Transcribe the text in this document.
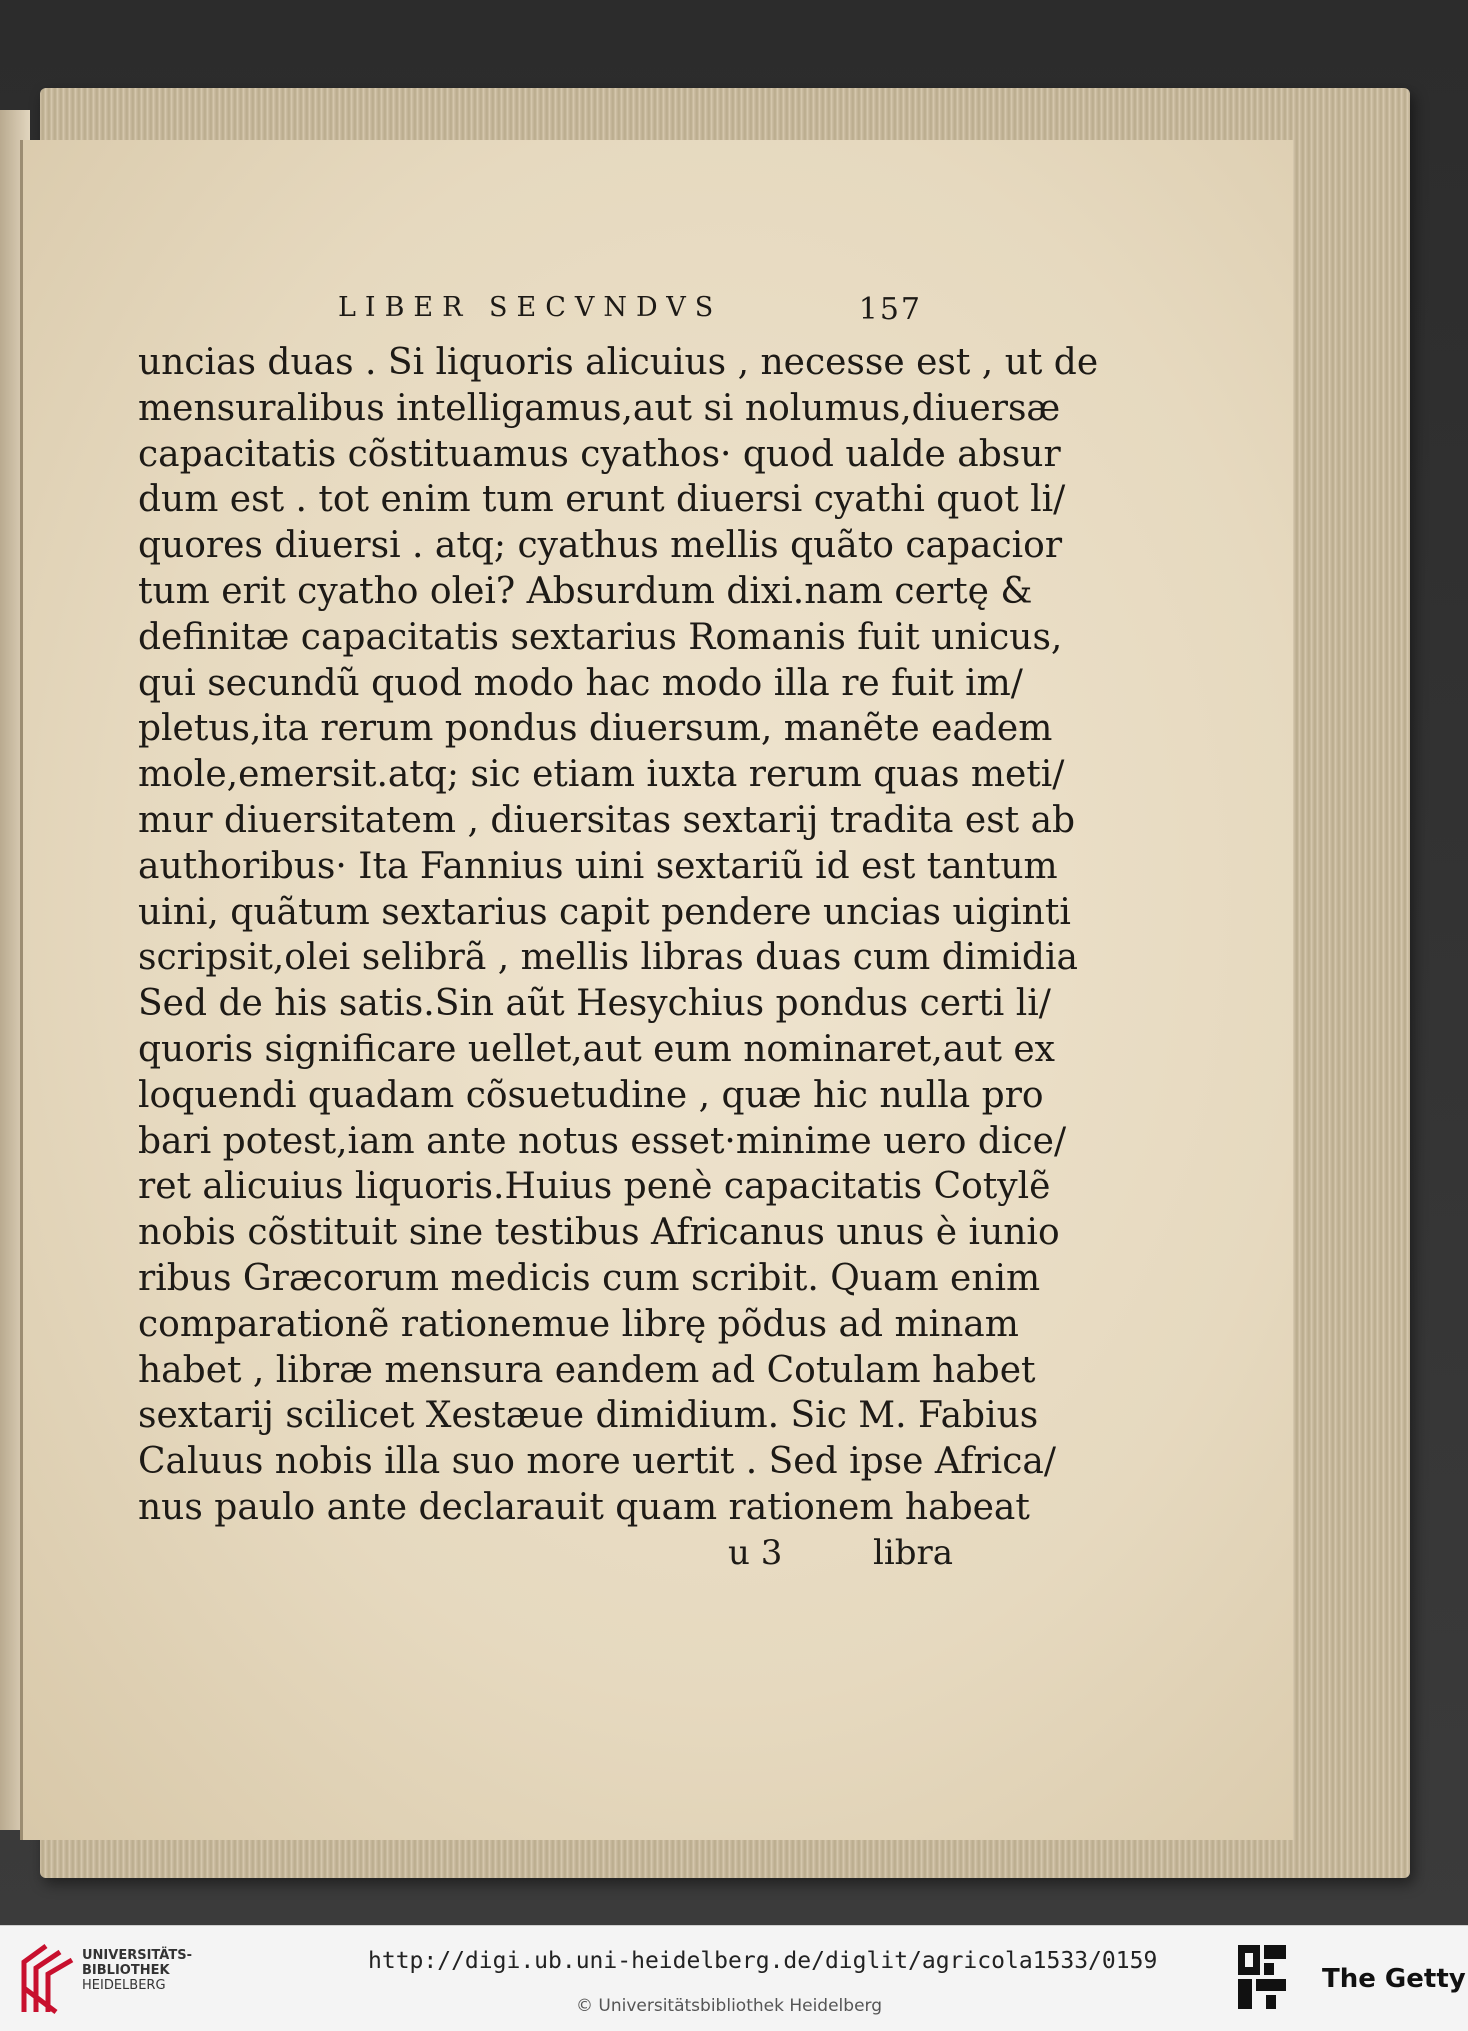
LIBER SECVNDVS	157
uncias duas . Si liquoris alicuius , necesse est , ut de
mensuralibus intelligamus,aut si nolumus,diuersæ
capacitatis cõstituamus cyathos· quod ualde absur
dum est . tot enim tum erunt diuersi cyathi quot li/
quores diuersi . atq; cyathus mellis quãto capacior
tum erit cyatho olei? Absurdum dixi.nam certę &
definitæ capacitatis sextarius Romanis fuit unicus,
qui secundũ quod modo hac modo illa re fuit im/
pletus,ita rerum pondus diuersum, manẽte eadem
mole,emersit.atq; sic etiam iuxta rerum quas meti/
mur diuersitatem , diuersitas sextarij tradita est ab
authoribus· Ita Fannius uini sextariũ id est tantum
uini, quãtum sextarius capit pendere uncias uiginti
scripsit,olei selibrã , mellis libras duas cum dimidia
Sed de his satis.Sin aũt Hesychius pondus certi li/
quoris significare uellet,aut eum nominaret,aut ex
loquendi quadam cõsuetudine , quæ hic nulla pro
bari potest,iam ante notus esset·minime uero dice/
ret alicuius liquoris.Huius penè capacitatis Cotylẽ
nobis cõstituit sine testibus Africanus unus è iunio
ribus Græcorum medicis cum scribit. Quam enim
comparationẽ rationemue librę põdus ad minam
habet , libræ mensura eandem ad Cotulam habet
sextarij scilicet Xestæue dimidium. Sic M. Fabius
Caluus nobis illa suo more uertit . Sed ipse Africa/
nus paulo ante declarauit quam rationem habeat
u 3	libra
UNIVERSITÄTS-
BIBLIOTHEK
HEIDELBERG
http://digi.ub.uni-heidelberg.de/diglit/agricola1533/0159
© Universitätsbibliothek Heidelberg
The Getty
